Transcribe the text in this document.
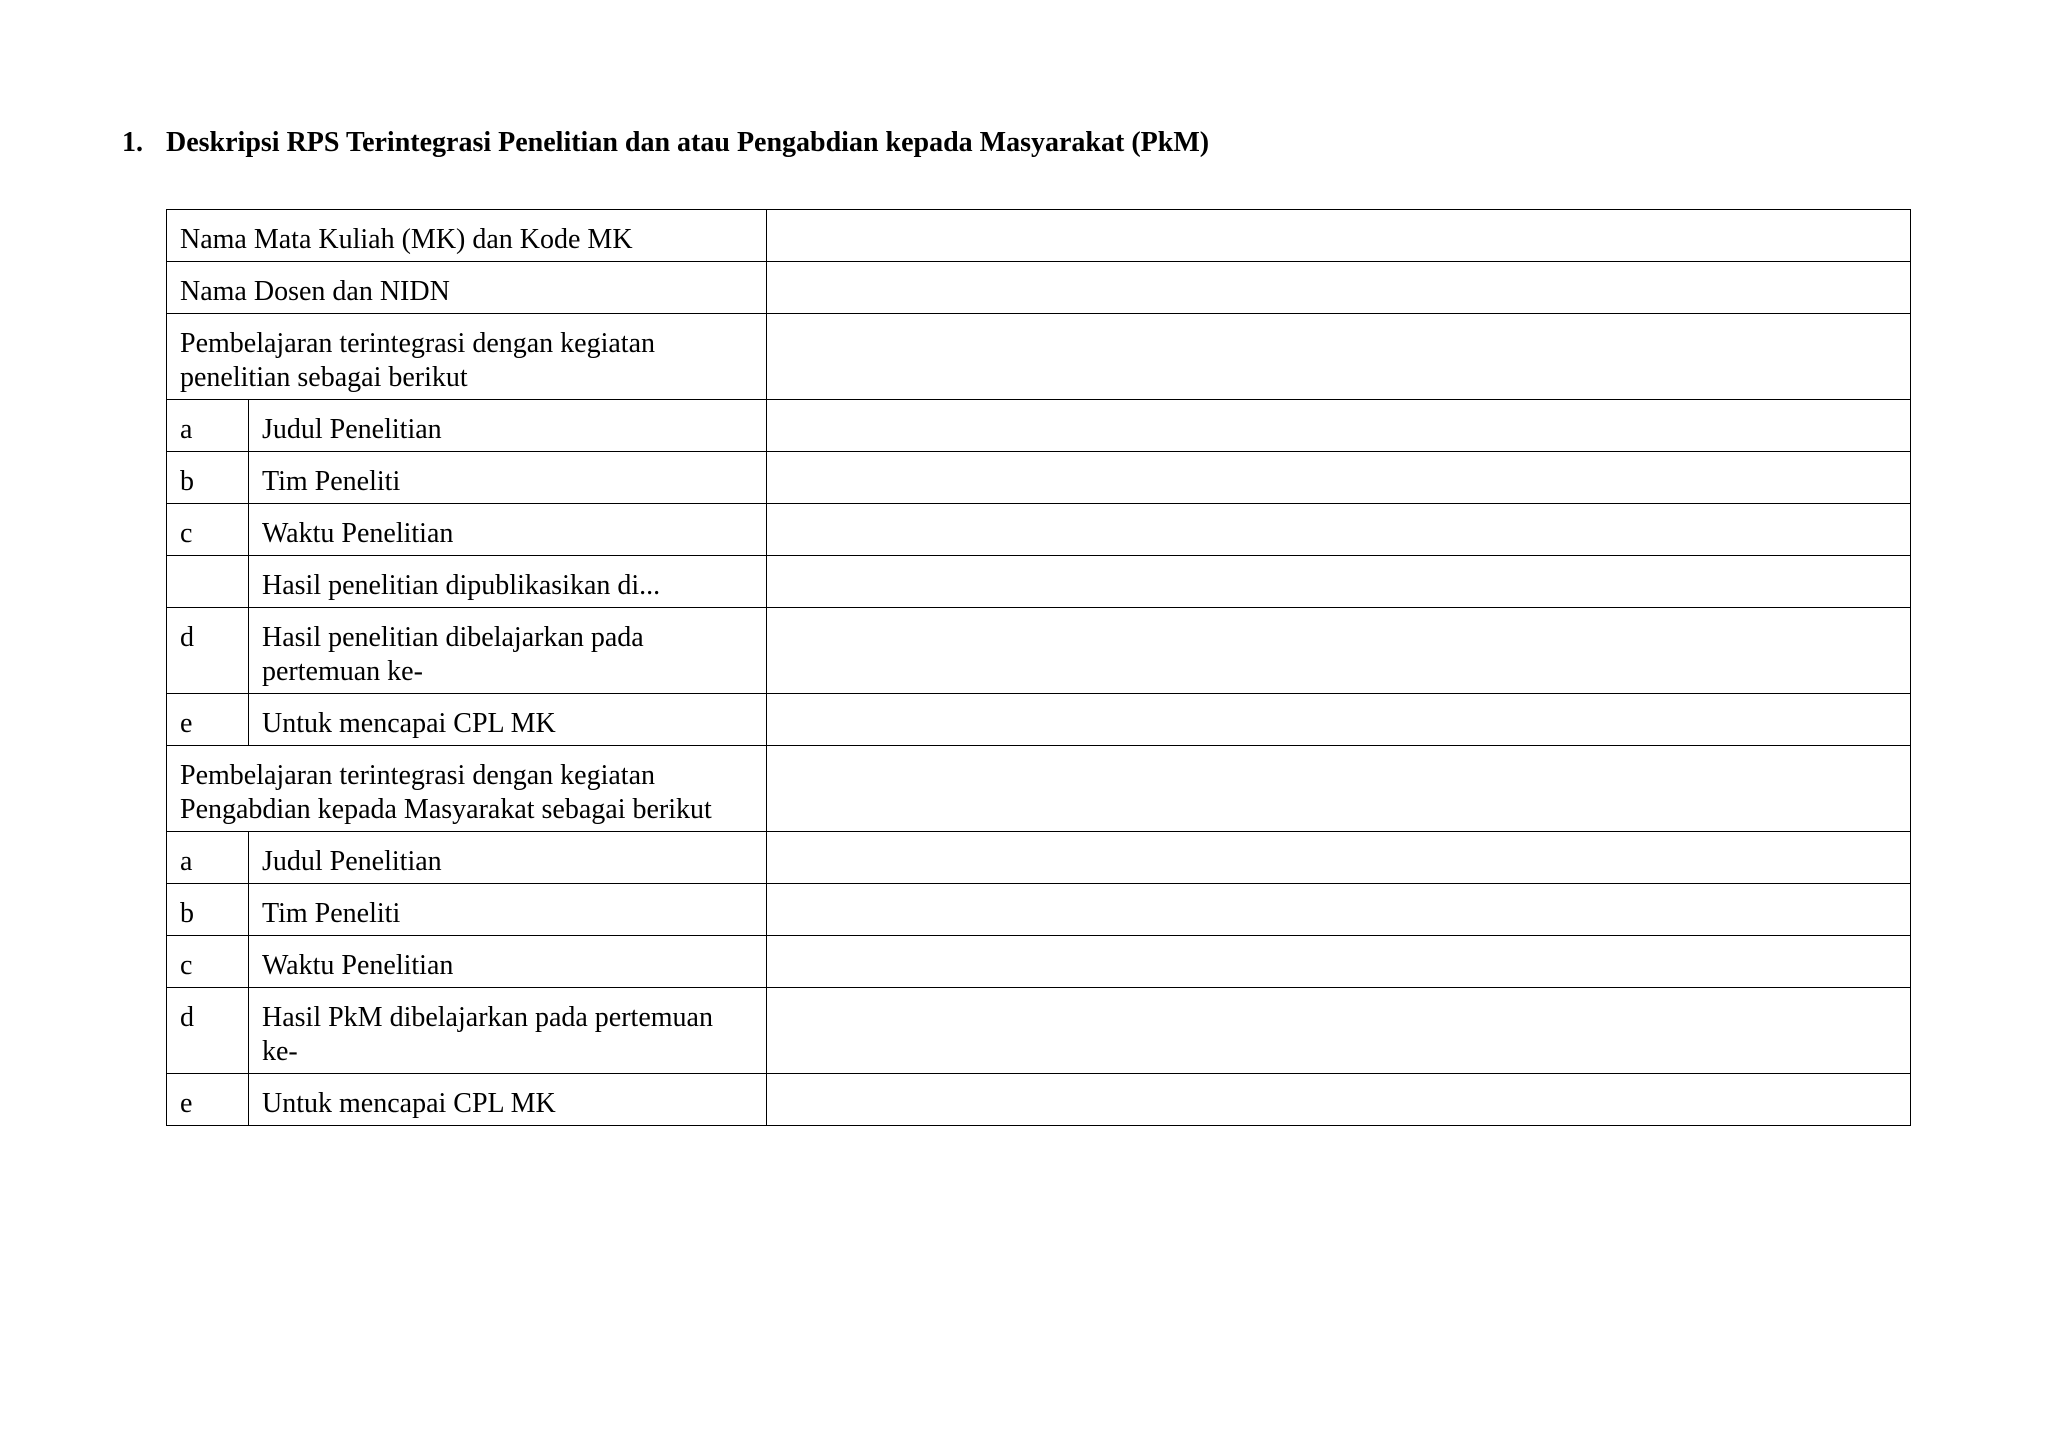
1. Deskripsi RPS Terintegrasi Penelitian dan atau Pengabdian kepada Masyarakat (PkM)
Nama Mata Kuliah (MK) dan Kode MK		
Nama Dosen dan NIDN		
Pembelajaran terintegrasi dengan kegiatan penelitian sebagai berikut		
a	Judul Penelitian	
b	Tim Peneliti	
c	Waktu Penelitian	
	Hasil penelitian dipublikasikan di...	
d	Hasil penelitian dibelajarkan pada pertemuan ke-	
e	Untuk mencapai CPL MK	
Pembelajaran terintegrasi dengan kegiatan Pengabdian kepada Masyarakat sebagai berikut		
a	Judul Penelitian	
b	Tim Peneliti	
c	Waktu Penelitian	
d	Hasil PkM dibelajarkan pada pertemuan ke-	
e	Untuk mencapai CPL MK	
